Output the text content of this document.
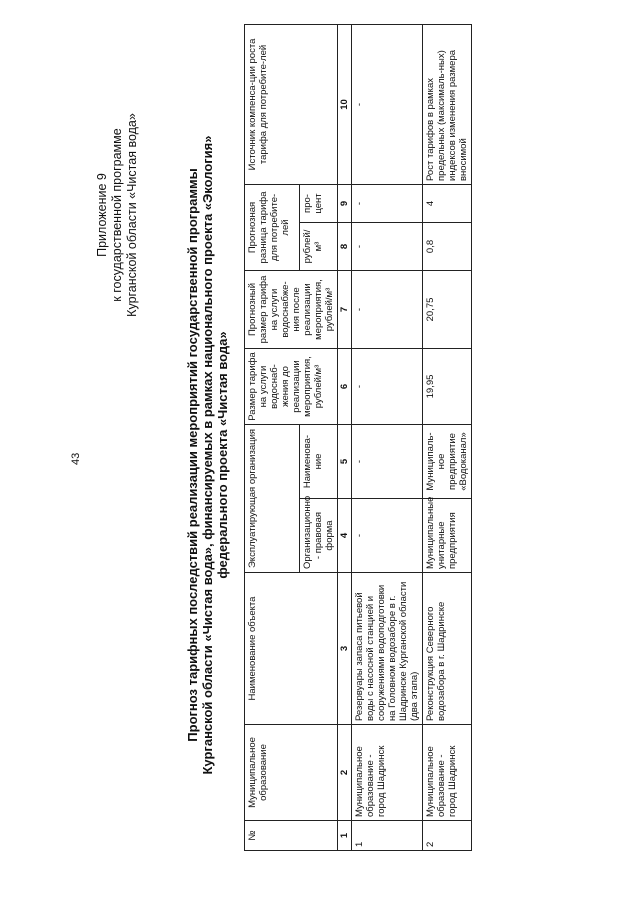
43
Приложение 9 к государственной программе Курганской области «Чистая вода»	Прогноз тарифных последствий реализации мероприятий государственной программы Курганской области «Чистая вода», финансируемых в рамках национального проекта «Экология» федерального проекта «Чистая вода»
№	Муниципальное образование	Наименование объекта	Эксплуатирующая организация		Размер тарифа на услуги водоснаб-жения до реализации мероприятия, рублей/м³	Прогнозный размер тарифа на услуги водоснабже-ния после реализации мероприятия, рублей/м³	Прогнозная разница тарифа для потребите-лей		Источник компенса-ции роста тарифа для потребите-лей
			Организационно - правовая форма	Наименова-ние			рублей/ м³	про-цент	

1	2	3	4	5	6	7	8	9	10
1	Муниципальное образование - город Шадринск	Резервуары запаса питьевой воды с насосной станцией и сооружениями водоподготовки на Головном водозаборе в г. Шадринске Курганской области (два этапа)	-	-	-	-	-	-	-
2	Муниципальное образование - город Шадринск	Реконструкция Северного водозабора в г. Шадринске	Муниципальные унитарные предприятия	Муниципаль-ное предприятие «Водоканал»	19,95	20,75	0,8	4	Рост тарифов в рамках предельных (максималь-ных) индексов изменения размера вносимой
